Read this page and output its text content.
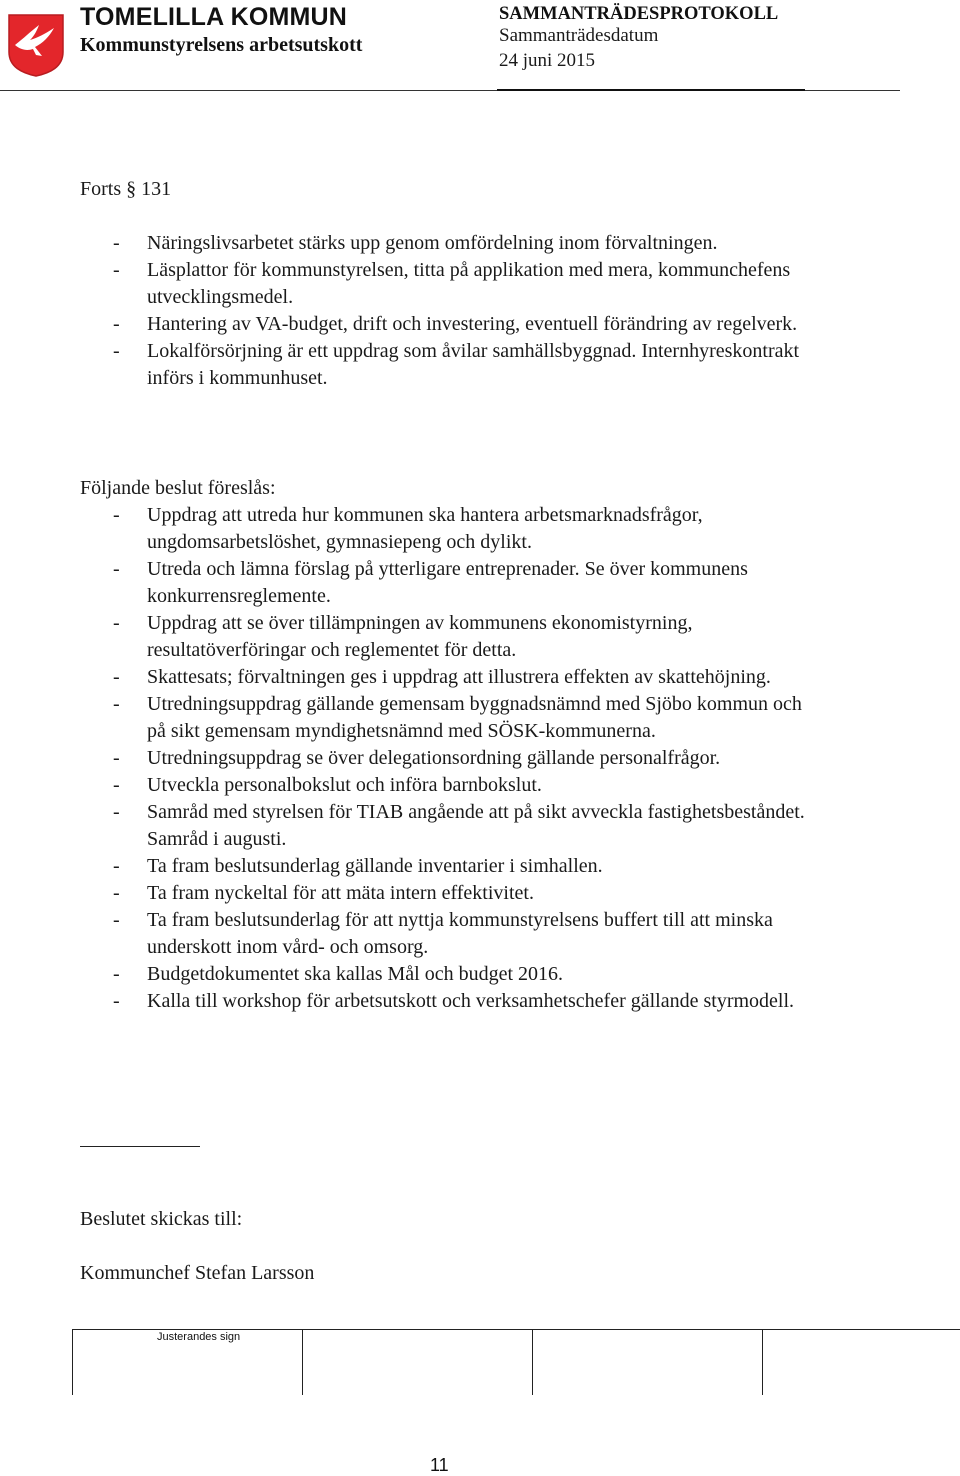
TOMELILLA KOMMUN
Kommunstyrelsens arbetsutskott
SAMMANTRÄDESPROTOKOLL
Sammanträdesdatum
24 juni 2015
Forts § 131
- Näringslivsarbetet stärks upp genom omfördelning inom förvaltningen.
- Läsplattor för kommunstyrelsen, titta på applikation med mera, kommunchefens utvecklingsmedel.
- Hantering av VA-budget, drift och investering, eventuell förändring av regelverk.
- Lokalförsörjning är ett uppdrag som åvilar samhällsbyggnad. Internhyreskontrakt införs i kommunhuset.
Följande beslut föreslås:
- Uppdrag att utreda hur kommunen ska hantera arbetsmarknadsfrågor, ungdomsarbetslöshet, gymnasiepeng och dylikt.
- Utreda och lämna förslag på ytterligare entreprenader. Se över kommunens konkurrensreglemente.
- Uppdrag att se över tillämpningen av kommunens ekonomistyrning, resultatöverföringar och reglementet för detta.
- Skattesats; förvaltningen ges i uppdrag att illustrera effekten av skattehöjning.
- Utredningsuppdrag gällande gemensam byggnadsnämnd med Sjöbo kommun och på sikt gemensam myndighetsnämnd med SÖSK-kommunerna.
- Utredningsuppdrag se över delegationsordning gällande personalfrågor.
- Utveckla personalbokslut och införa barnbokslut.
- Samråd med styrelsen för TIAB angående att på sikt avveckla fastighetsbeståndet. Samråd i augusti.
- Ta fram beslutsunderlag gällande inventarier i simhallen.
- Ta fram nyckeltal för att mäta intern effektivitet.
- Ta fram beslutsunderlag för att nyttja kommunstyrelsens buffert till att minska underskott inom vård- och omsorg.
- Budgetdokumentet ska kallas Mål och budget 2016.
- Kalla till workshop för arbetsutskott och verksamhetschefer gällande styrmodell.
Beslutet skickas till:
Kommunchef Stefan Larsson
Justerandes sign
11
